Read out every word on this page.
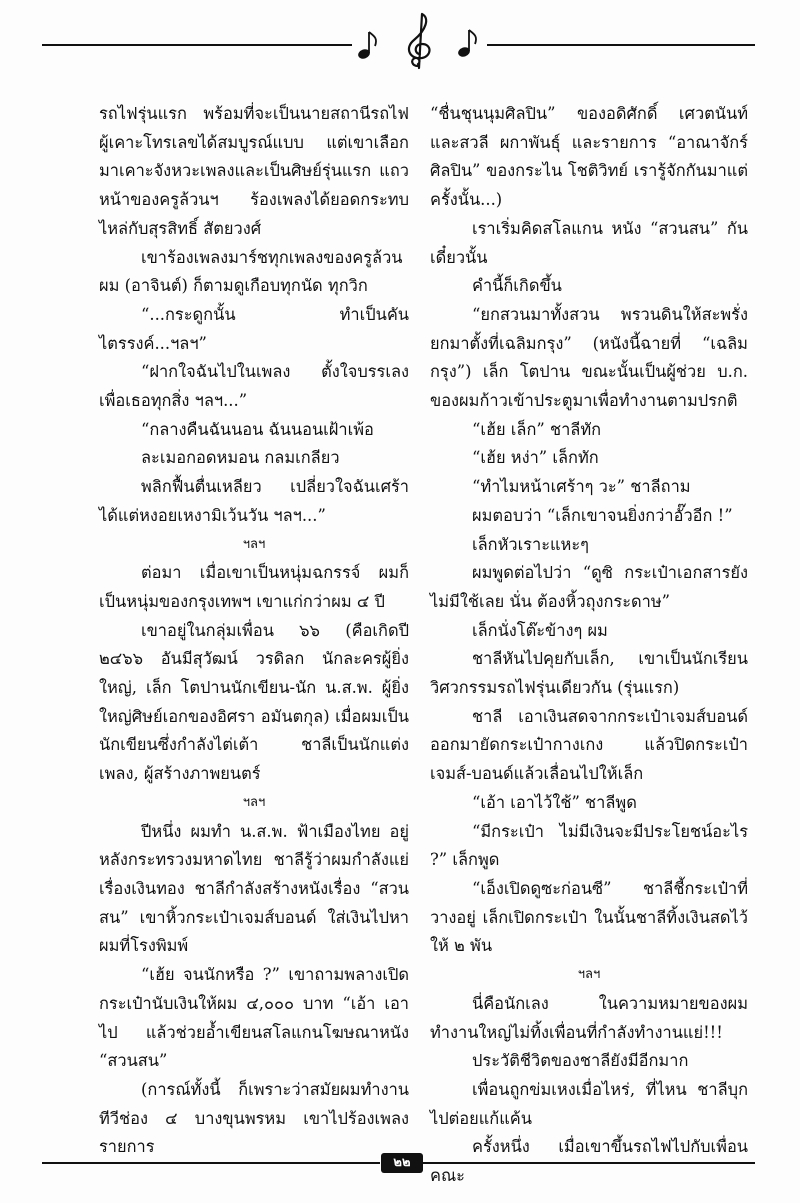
รถไฟรุ่นแรก พร้อมที่จะเป็นนายสถานีรถไฟ ผู้เคาะโทรเลขได้สมบูรณ์แบบ แต่เขาเลือกมาเคาะจังหวะเพลงและเป็นศิษย์รุ่นแรก แถวหน้าของครูล้วนฯ ร้องเพลงได้ยอดกระทบไหล่กับสุรสิทธิ์ สัตยวงศ์

เขาร้องเพลงมาร์ชทุกเพลงของครูล้วน ผม (อาจินต์) ก็ตามดูเกือบทุกนัด ทุกวิก

“...กระดูกนั้น ทำเป็นคันไตรรงค์...ฯลฯ”

“ฝากใจฉันไปในเพลง ตั้งใจบรรเลง เพื่อเธอทุกสิ่ง ฯลฯ...”

“กลางคืนฉันนอน ฉันนอนเฝ้าเพ้อ

ละเมอกอดหมอน กลมเกลียว

พลิกฟื้นตื่นเหลียว เปลี่ยวใจฉันเศร้า ได้แต่หงอยเหงามิเว้นวัน ฯลฯ...”

ฯลฯ

ต่อมา เมื่อเขาเป็นหนุ่มฉกรรจ์ ผมก็เป็นหนุ่มของกรุงเทพฯ เขาแก่กว่าผม ๔ ปี

เขาอยู่ในกลุ่มเพื่อน ๖๖ (คือเกิดปี ๒๔๖๖ อันมีสุวัฒน์ วรดิลก นักละครผู้ยิ่งใหญ่, เล็ก โตปานนักเขียน-นัก น.ส.พ. ผู้ยิ่งใหญ่ศิษย์เอกของอิศรา อมันตกุล) เมื่อผมเป็นนักเขียนซึ่งกำลังไต่เต้า ชาลีเป็นนักแต่งเพลง, ผู้สร้างภาพยนตร์

ฯลฯ

ปีหนึ่ง ผมทำ น.ส.พ. ฟ้าเมืองไทย อยู่หลังกระทรวงมหาดไทย ชาลีรู้ว่าผมกำลังแย่เรื่องเงินทอง ชาลีกำลังสร้างหนังเรื่อง “สวนสน” เขาหิ้วกระเป๋าเจมส์บอนด์ ใส่เงินไปหาผมที่โรงพิมพ์

“เฮ้ย จนนักหรือ ?” เขาถามพลางเปิดกระเป๋านับเงินให้ผม ๔,๐๐๐ บาท “เอ้า เอาไป แล้วช่วยอ้ำเขียนสโลแกนโฆษณาหนัง “สวนสน”

(การณ์ทั้งนี้ ก็เพราะว่าสมัยผมทำงานทีวีช่อง ๔ บางขุนพรหม เขาไปร้องเพลงรายการ

“ชื่นชุนนุมศิลปิน” ของอดิศักดิ์ เศวตนันท์ และสวลี ผกาพันธุ์ และรายการ “อาณาจักร์ศิลปิน” ของกระไน โชติวิทย์ เรารู้จักกันมาแต่ครั้งนั้น...)

เราเริ่มคิดสโลแกน หนัง “สวนสน” กันเดี๋ยวนั้น

คำนี้ก็เกิดขึ้น

“ยกสวนมาทั้งสวน พรวนดินให้สะพรั่งยกมาตั้งที่เฉลิมกรุง” (หนังนี้ฉายที่ “เฉลิมกรุง”) เล็ก โตปาน ขณะนั้นเป็นผู้ช่วย บ.ก. ของผมก้าวเข้าประตูมาเพื่อทำงานตามปรกติ

“เฮ้ย เล็ก” ชาลีทัก

“เฮ้ย หง่า” เล็กทัก

“ทำไมหน้าเศร้าๆ วะ” ชาลีถาม

ผมตอบว่า “เล็กเขาจนยิ่งกว่าอั๊วอีก !”

เล็กหัวเราะแหะๆ

ผมพูดต่อไปว่า “ดูซิ กระเป๋าเอกสารยังไม่มีใช้เลย นั่น ต้องหิ้วถุงกระดาษ”

เล็กนั่งโต๊ะข้างๆ ผม

ชาลีหันไปคุยกับเล็ก, เขาเป็นนักเรียนวิศวกรรมรถไฟรุ่นเดียวกัน (รุ่นแรก)

ชาลี เอาเงินสดจากกระเป๋าเจมส์บอนด์ออกมายัดกระเป๋ากางเกง แล้วปิดกระเป๋าเจมส์-บอนด์แล้วเลื่อนไปให้เล็ก

“เอ้า เอาไว้ใช้” ชาลีพูด

“มีกระเป๋า ไม่มีเงินจะมีประโยชน์อะไร ?” เล็กพูด

“เอ็งเปิดดูซะก่อนซี” ชาลีชี้กระเป๋าที่วางอยู่ เล็กเปิดกระเป๋า ในนั้นชาลีทิ้งเงินสดไว้ให้ ๒ พัน

ฯลฯ

นี่คือนักเลง ในความหมายของผมทำงานใหญ่ไม่ทิ้งเพื่อนที่กำลังทำงานแย่!!!

ประวัติชีวิตของชาลียังมีอีกมาก

เพื่อนถูกข่มเหงเมื่อไหร่, ที่ไหน ชาลีบุกไปต่อยแก้แค้น

ครั้งหนึ่ง เมื่อเขาขึ้นรถไฟไปกับเพื่อนคณะ

๒๒
